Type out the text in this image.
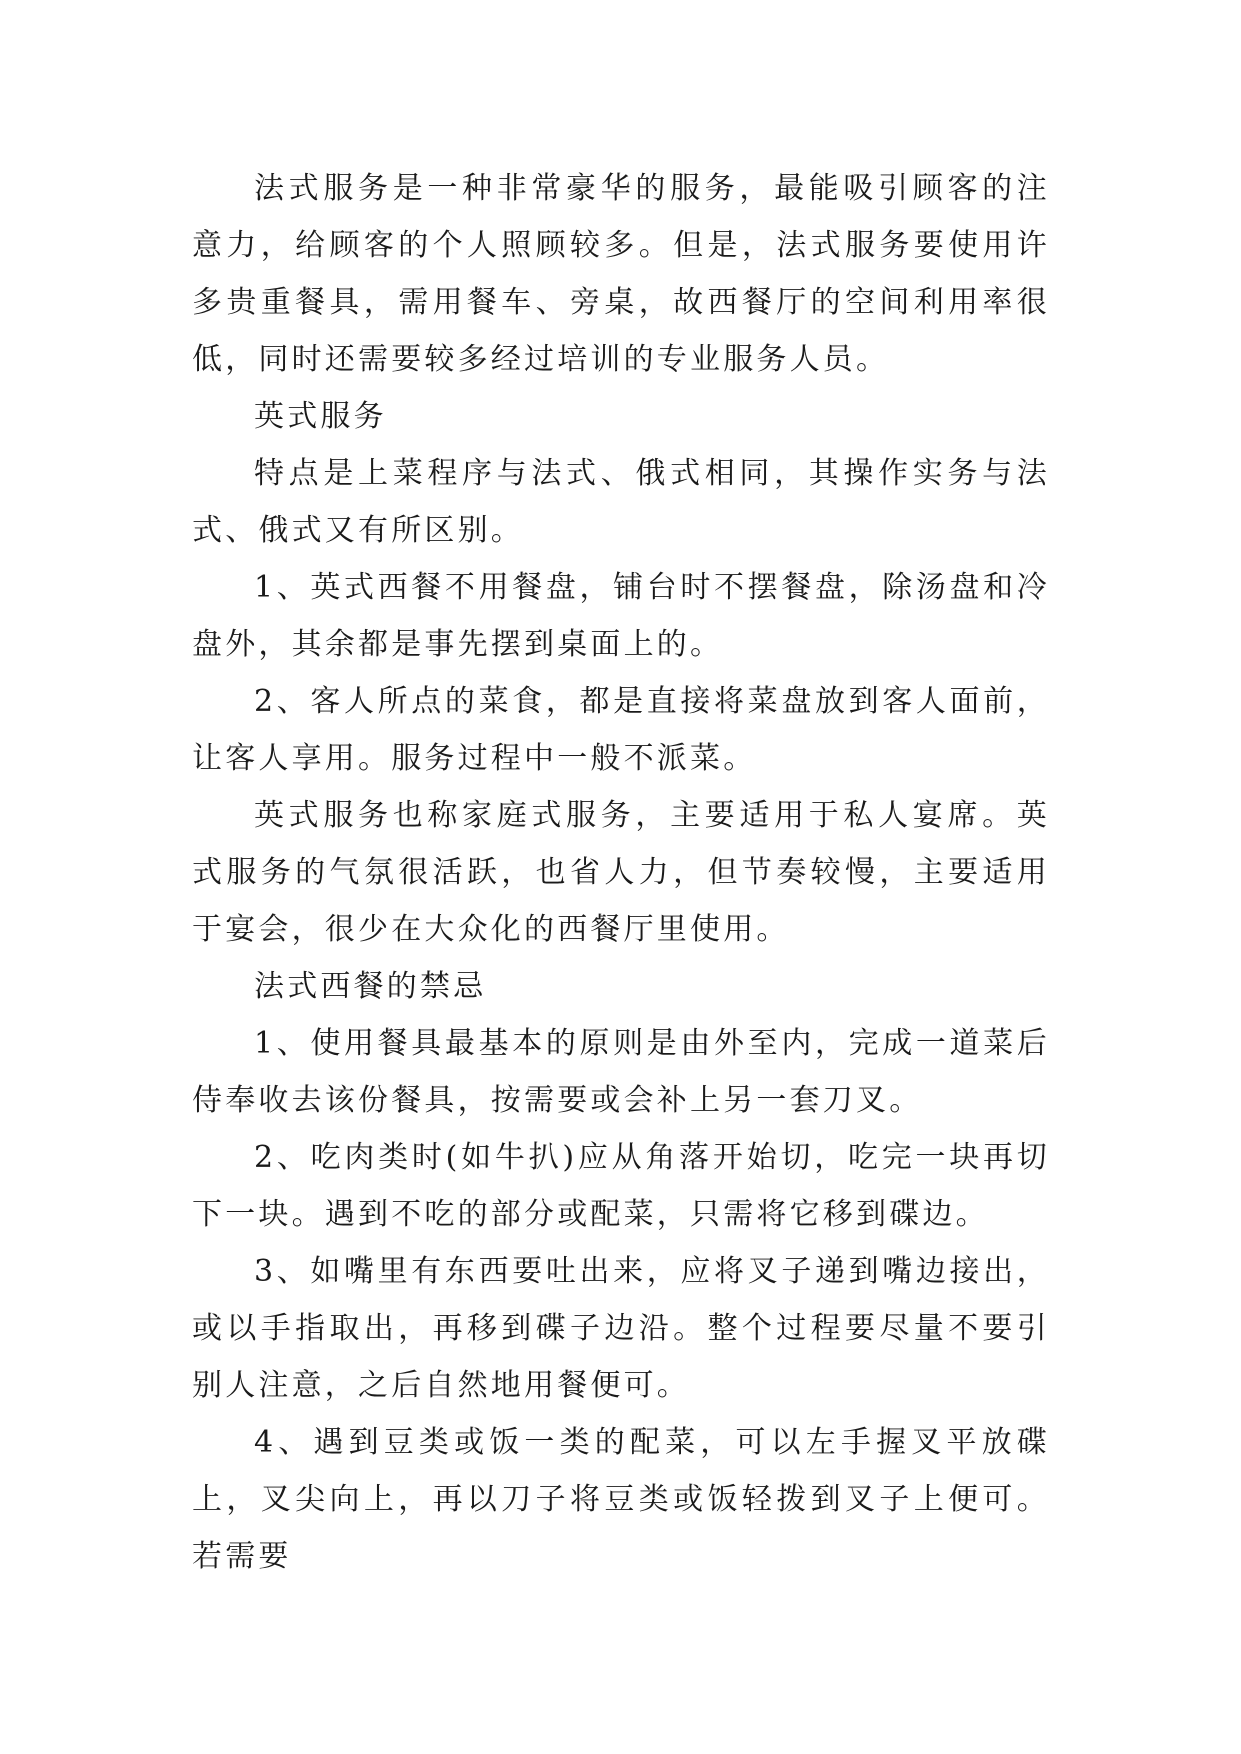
法式服务是一种非常豪华的服务，最能吸引顾客的注意力，给顾客的个人照顾较多。但是，法式服务要使用许多贵重餐具，需用餐车、旁桌，故西餐厅的空间利用率很低，同时还需要较多经过培训的专业服务人员。

英式服务

特点是上菜程序与法式、俄式相同，其操作实务与法式、俄式又有所区别。

1、英式西餐不用餐盘，铺台时不摆餐盘，除汤盘和冷盘外，其余都是事先摆到桌面上的。

2、客人所点的菜食，都是直接将菜盘放到客人面前，让客人享用。服务过程中一般不派菜。

英式服务也称家庭式服务，主要适用于私人宴席。英式服务的气氛很活跃，也省人力，但节奏较慢，主要适用于宴会，很少在大众化的西餐厅里使用。

法式西餐的禁忌

1、使用餐具最基本的原则是由外至内，完成一道菜后侍奉收去该份餐具，按需要或会补上另一套刀叉。

2、吃肉类时(如牛扒)应从角落开始切，吃完一块再切下一块。遇到不吃的部分或配菜，只需将它移到碟边。

3、如嘴里有东西要吐出来，应将叉子递到嘴边接出，或以手指取出，再移到碟子边沿。整个过程要尽量不要引别人注意，之后自然地用餐便可。

4、遇到豆类或饭一类的配菜，可以左手握叉平放碟上，叉尖向上，再以刀子将豆类或饭轻拨到叉子上便可。若需要
